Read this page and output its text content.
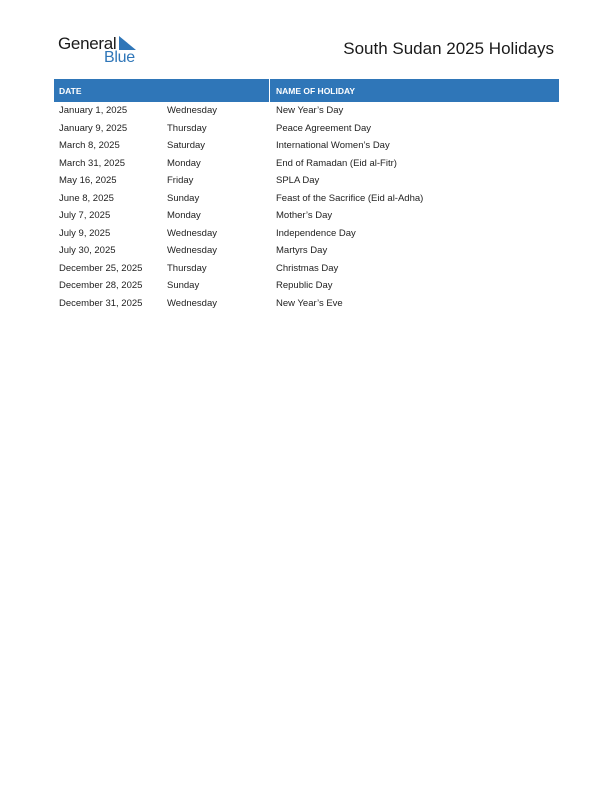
General
Blue	South Sudan 2025 Holidays
DATE	NAME OF HOLIDAY
January 1, 2025	Wednesday	New Year’s Day
January 9, 2025	Thursday	Peace Agreement Day
March 8, 2025	Saturday	International Women’s Day
March 31, 2025	Monday	End of Ramadan (Eid al-Fitr)
May 16, 2025	Friday	SPLA Day
June 8, 2025	Sunday	Feast of the Sacrifice (Eid al-Adha)
July 7, 2025	Monday	Mother’s Day
July 9, 2025	Wednesday	Independence Day
July 30, 2025	Wednesday	Martyrs Day
December 25, 2025	Thursday	Christmas Day
December 28, 2025	Sunday	Republic Day
December 31, 2025	Wednesday	New Year’s Eve
